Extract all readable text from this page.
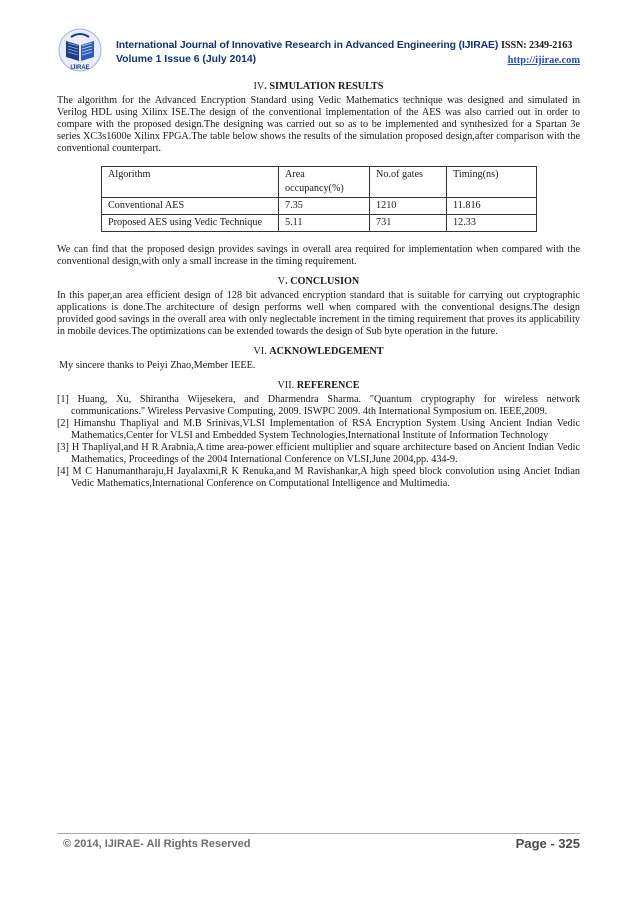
IJIRAE
International Journal of Innovative Research in Advanced Engineering (IJIRAE) ISSN: 2349-2163
Volume 1 Issue 6 (July 2014)	http://ijirae.com

IV. SIMULATION RESULTS

The algorithm for the Advanced Encryption Standard using Vedic Mathematics technique was designed and simulated in Verilog HDL using Xilinx ISE.The design of the conventional implementation of the AES was also carried out in order to compare with the proposed design.The designing was carried out so as to be implemented and synthesized for a Spartan 3e series XC3s1600e Xilinx FPGA.The table below shows the results of the simulation proposed design,after comparison with the conventional counterpart.

Algorithm	Area occupancy(%)	No.of gates	Timing(ns)
Conventional AES	7.35	1210	11.816
Proposed AES using Vedic Technique	5.11	731	12.33

We can find that the proposed design provides savings in overall area required for implementation when compared with the conventional design,with only a small increase in the timing requirement.

V. CONCLUSION

In this paper,an area efficient design of 128 bit advanced encryption standard that is suitable for carrying out cryptographic applications is done.The architecture of design performs well when compared with the conventional designs.The design provided good savings in the overall area with only neglectable increment in the timing requirement that proves its applicability in mobile devices.The optimizations can be extended towards the design of Sub byte operation in the future.

VI. ACKNOWLEDGEMENT

My sincere thanks to Peiyi Zhao,Member IEEE.

VII. REFERENCE

[1] Huang, Xu, Shirantha Wijesekera, and Dharmendra Sharma. "Quantum cryptography for wireless network communications." Wireless Pervasive Computing, 2009. ISWPC 2009. 4th International Symposium on. IEEE,2009.

[2] Himanshu Thapliyal and M.B Srinivas,VLSI Implementation of RSA Encryption System Using Ancient Indian Vedic Mathematics,Center for VLSI and Embedded System Technologies,International Institute of Information Technology

[3] H Thapliyal,and H R Arabnia,A time area-power efficient multiplier and square architecture based on Ancient Indian Vedic Mathematics, Proceedings of the 2004 International Conference on VLSI,June 2004,pp. 434-9.

[4] M C Hanumantharaju,H Jayalaxmi,R K Renuka,and M Ravishankar,A high speed block convolution using Anciet Indian Vedic Mathematics,International Conference on Computational Intelligence and Multimedia.

© 2014, IJIRAE- All Rights Reserved	Page - 325
